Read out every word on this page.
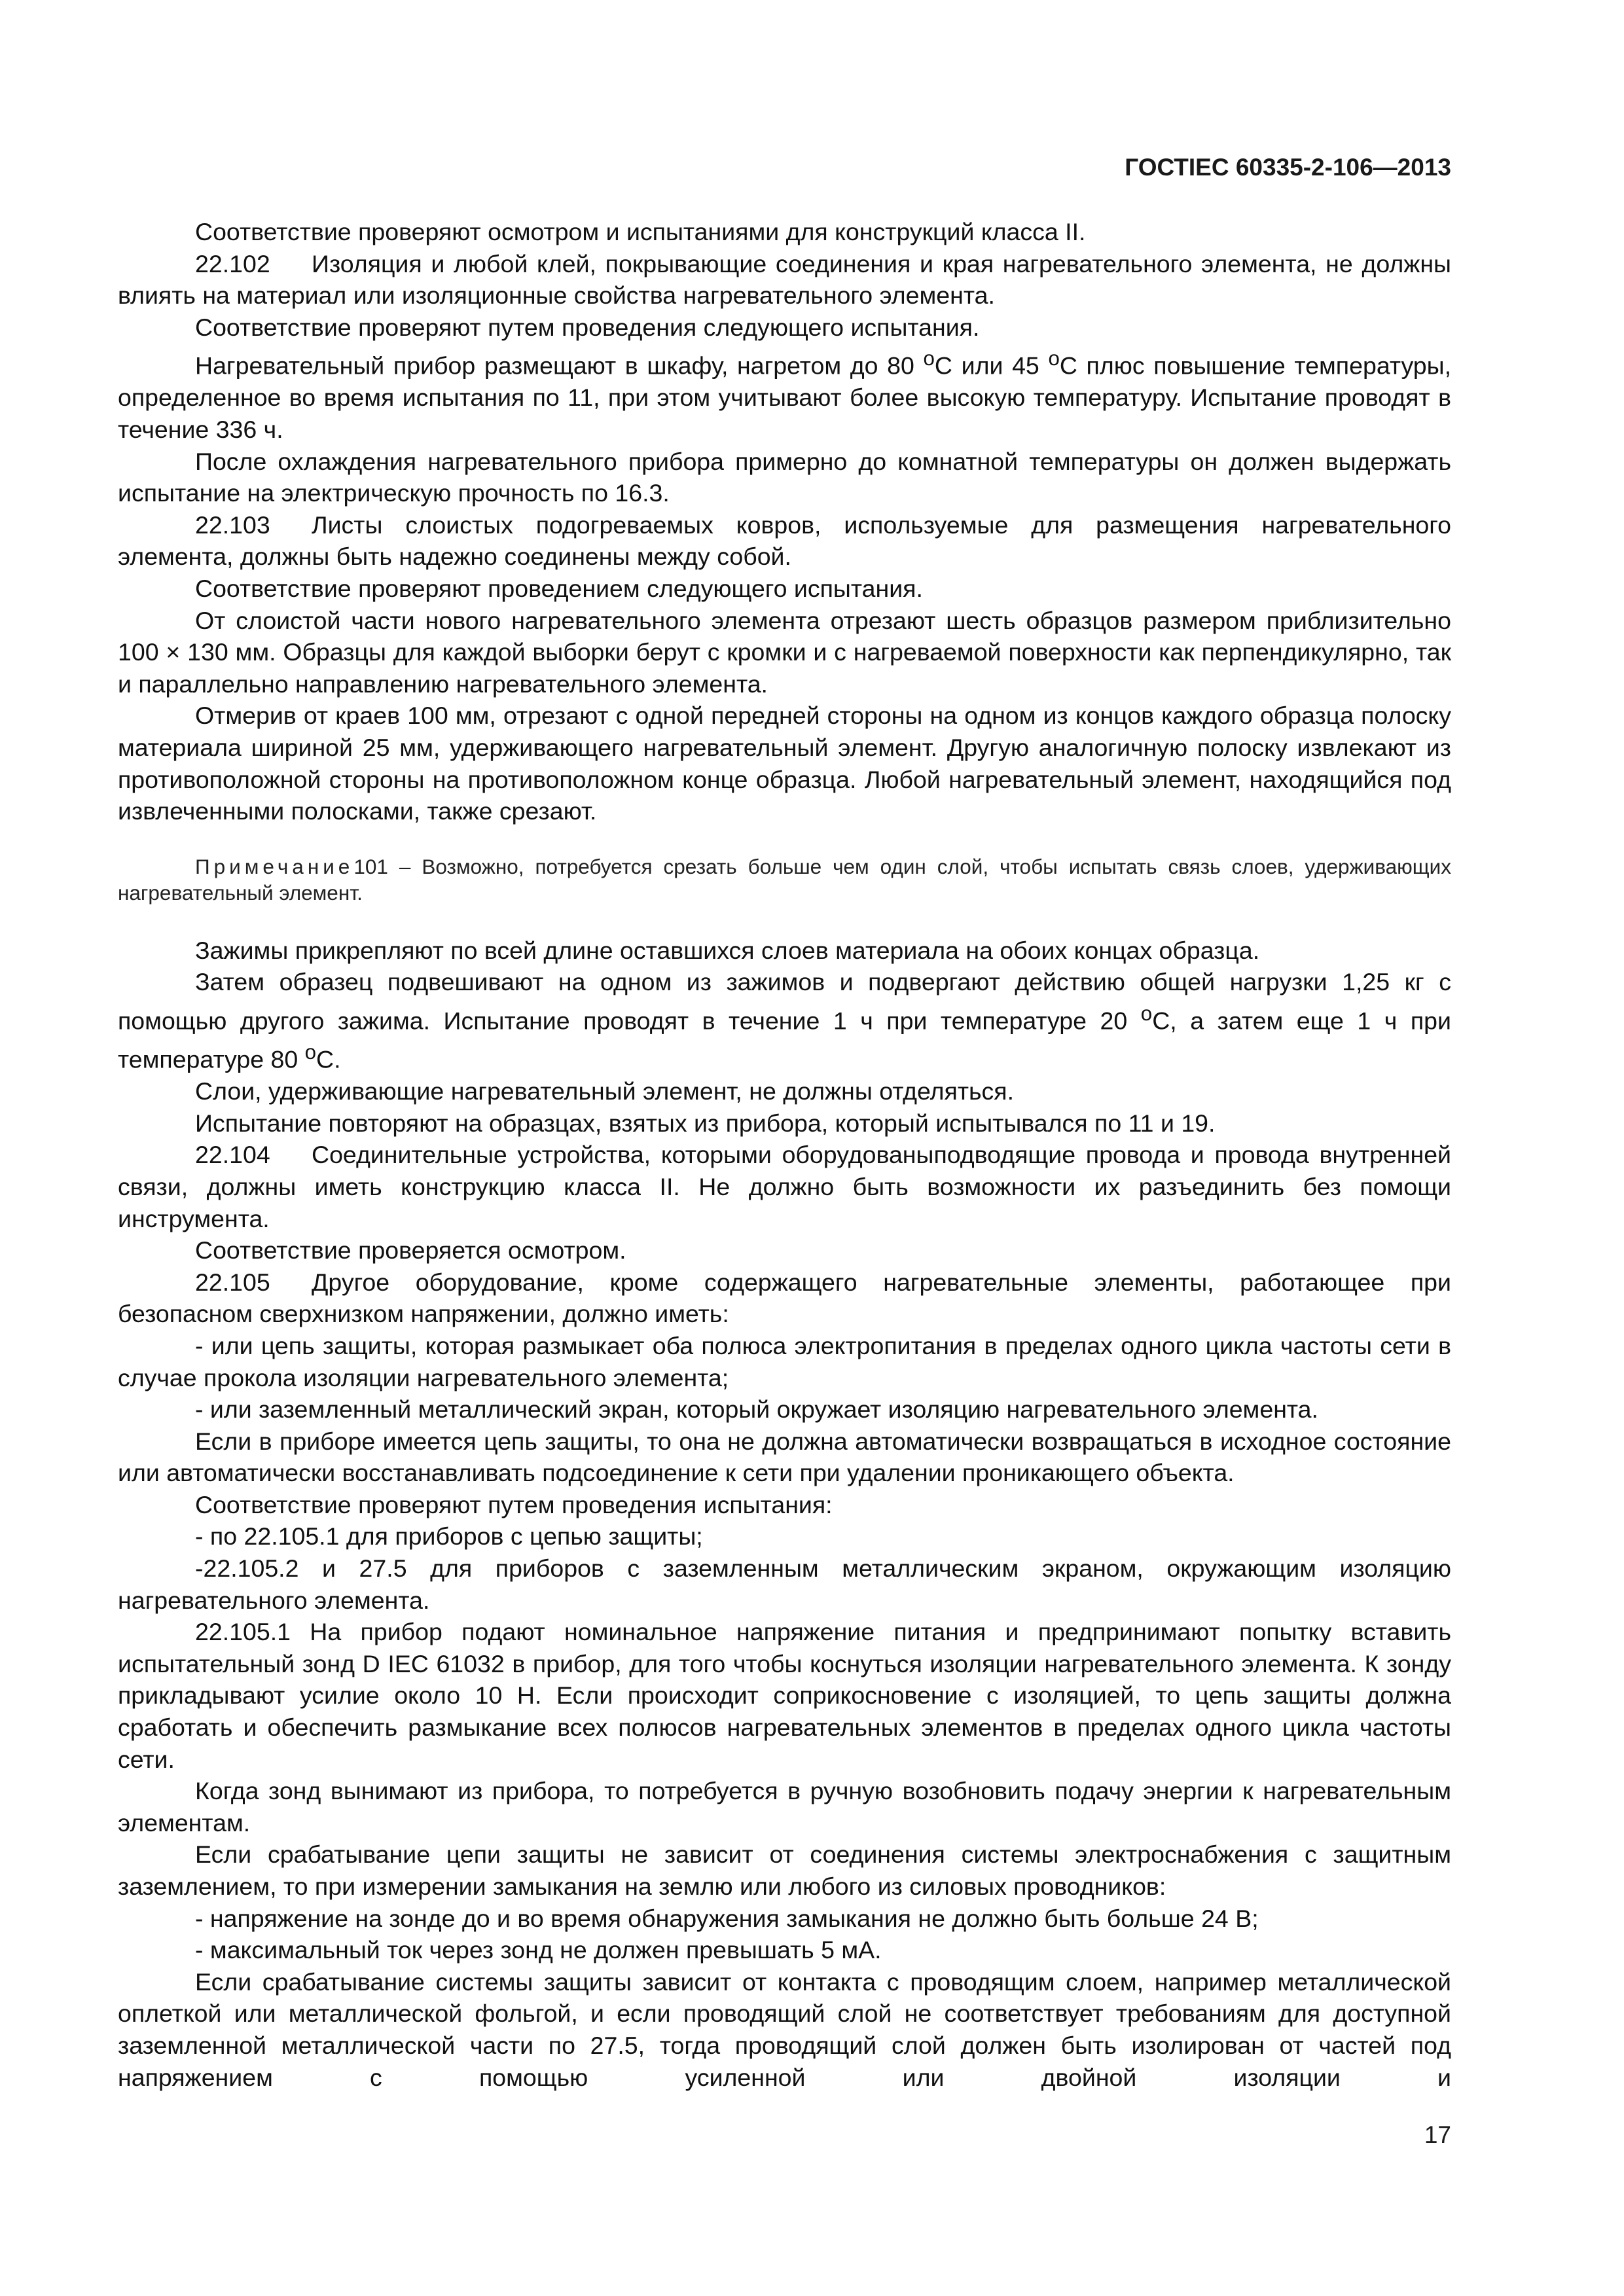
ГОСТIEC 60335-2-106—2013

Соответствие проверяют осмотром и испытаниями для конструкций класса II.

22.102 Изоляция и любой клей, покрывающие соединения и края нагревательного элемента, не должны влиять на материал или изоляционные свойства нагревательного элемента.

Соответствие проверяют путем проведения следующего испытания.

Нагревательный прибор размещают в шкафу, нагретом до 80 $^o$С или 45 $^o$С плюс повышение температуры, определенное во время испытания по 11, при этом учитывают более высокую температуру. Испытание проводят в течение 336 ч.

После охлаждения нагревательного прибора примерно до комнатной температуры он должен выдержать испытание на электрическую прочность по 16.3.

22.103 Листы слоистых подогреваемых ковров, используемые для размещения нагревательного элемента, должны быть надежно соединены между собой.

Соответствие проверяют проведением следующего испытания.

От слоистой части нового нагревательного элемента отрезают шесть образцов размером приблизительно 100 × 130 мм. Образцы для каждой выборки берут с кромки и с нагреваемой поверхности как перпендикулярно, так и параллельно направлению нагревательного элемента.

Отмерив от краев 100 мм, отрезают с одной передней стороны на одном из концов каждого образца полоску материала шириной 25 мм, удерживающего нагревательный элемент. Другую аналогичную полоску извлекают из противоположной стороны на противоположном конце образца. Любой нагревательный элемент, находящийся под извлеченными полосками, также срезают.

Примечание101 – Возможно, потребуется срезать больше чем один слой, чтобы испытать связь слоев, удерживающих нагревательный элемент.

Зажимы прикрепляют по всей длине оставшихся слоев материала на обоих концах образца.

Затем образец подвешивают на одном из зажимов и подвергают действию общей нагрузки 1,25 кг с помощью другого зажима. Испытание проводят в течение 1 ч при температуре 20 $^o$С, а затем еще 1 ч при температуре 80 $^o$С.

Слои, удерживающие нагревательный элемент, не должны отделяться.

Испытание повторяют на образцах, взятых из прибора, который испытывался по 11 и 19.

22.104 Соединительные устройства, которыми оборудованыподводящие провода и провода внутренней связи, должны иметь конструкцию класса II. Не должно быть возможности их разъединить без помощи инструмента.

Соответствие проверяется осмотром.

22.105 Другое оборудование, кроме содержащего нагревательные элементы, работающее при безопасном сверхнизком напряжении, должно иметь:

- или цепь защиты, которая размыкает оба полюса электропитания в пределах одного цикла частоты сети в случае прокола изоляции нагревательного элемента;

- или заземленный металлический экран, который окружает изоляцию нагревательного элемента.

Если в приборе имеется цепь защиты, то она не должна автоматически возвращаться в исходное состояние или автоматически восстанавливать подсоединение к сети при удалении проникающего объекта.

Соответствие проверяют путем проведения испытания:

- по 22.105.1 для приборов с цепью защиты;

-22.105.2 и 27.5 для приборов с заземленным металлическим экраном, окружающим изоляцию нагревательного элемента.

22.105.1 На прибор подают номинальное напряжение питания и предпринимают попытку вставить испытательный зонд D IEC 61032 в прибор, для того чтобы коснуться изоляции нагревательного элемента. К зонду прикладывают усилие около 10 Н. Если происходит соприкосновение с изоляцией, то цепь защиты должна сработать и обеспечить размыкание всех полюсов нагревательных элементов в пределах одного цикла частоты сети.

Когда зонд вынимают из прибора, то потребуется в ручную возобновить подачу энергии к нагревательным элементам.

Если срабатывание цепи защиты не зависит от соединения системы электроснабжения с защитным заземлением, то при измерении замыкания на землю или любого из силовых проводников:

- напряжение на зонде до и во время обнаружения замыкания не должно быть больше 24 В;

- максимальный ток через зонд не должен превышать 5 мА.

Если срабатывание системы защиты зависит от контакта с проводящим слоем, например металлической оплеткой или металлической фольгой, и если проводящий слой не соответствует требованиям для доступной заземленной металлической части по 27.5, тогда проводящий слой должен быть изолирован от частей под напряжением с помощью усиленной или двойной изоляции и

17
